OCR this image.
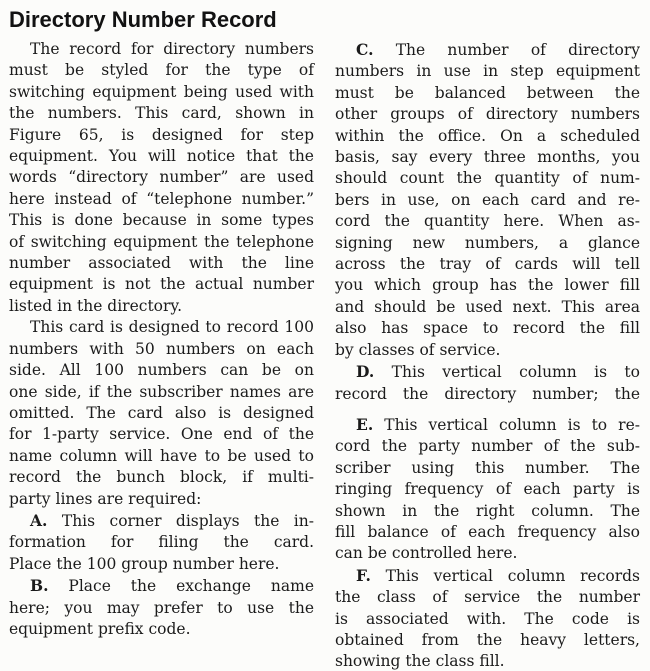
Directory Number Record
The record for directory numbers
must be styled for the type of
switching equipment being used with
the numbers. This card, shown in
Figure 65, is designed for step
equipment. You will notice that the
words “directory number” are used
here instead of “telephone number.”
This is done because in some types
of switching equipment the telephone
number associated with the line
equipment is not the actual number
listed in the directory.
This card is designed to record 100
numbers with 50 numbers on each
side. All 100 numbers can be on
one side, if the subscriber names are
omitted. The card also is designed
for 1-party service. One end of the
name column will have to be used to
record the bunch block, if multi-
party lines are required:
A. This corner displays the in-
formation for filing the card.
Place the 100 group number here.
B. Place the exchange name
here; you may prefer to use the
equipment prefix code.
C. The number of directory
numbers in use in step equipment
must be balanced between the
other groups of directory numbers
within the office. On a scheduled
basis, say every three months, you
should count the quantity of num-
bers in use, on each card and re-
cord the quantity here. When as-
signing new numbers, a glance
across the tray of cards will tell
you which group has the lower fill
and should be used next. This area
also has space to record the fill
by classes of service.
D. This vertical column is to
record the directory number; the
E. This vertical column is to re-
cord the party number of the sub-
scriber using this number. The
ringing frequency of each party is
shown in the right column. The
fill balance of each frequency also
can be controlled here.
F. This vertical column records
the class of service the number
is associated with. The code is
obtained from the heavy letters,
showing the class fill.
